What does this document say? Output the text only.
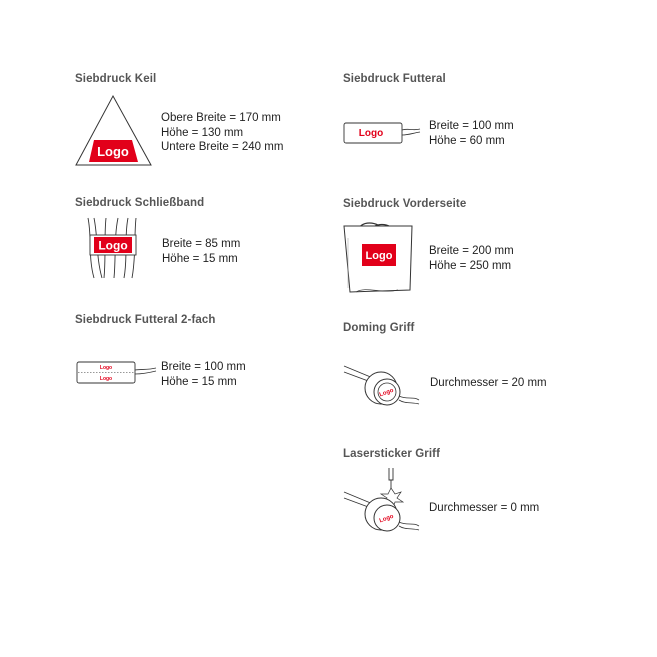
Siebdruck Keil
Logo
Obere Breite = 170 mm
Höhe = 130 mm
Untere Breite = 240 mm
Siebdruck Schließband
Logo	Breite = 85 mm
Höhe = 15 mm
Siebdruck Futteral 2-fach
Logo
Logo
Breite = 100 mm
Höhe = 15 mm
Siebdruck Futteral
Logo
Breite = 100 mm
Höhe = 60 mm
Siebdruck Vorderseite
Logo	Breite = 200 mm
Höhe = 250 mm
Doming Griff
Logo
Durchmesser = 20 mm
Lasersticker Griff
Logo
Durchmesser = 0 mm
